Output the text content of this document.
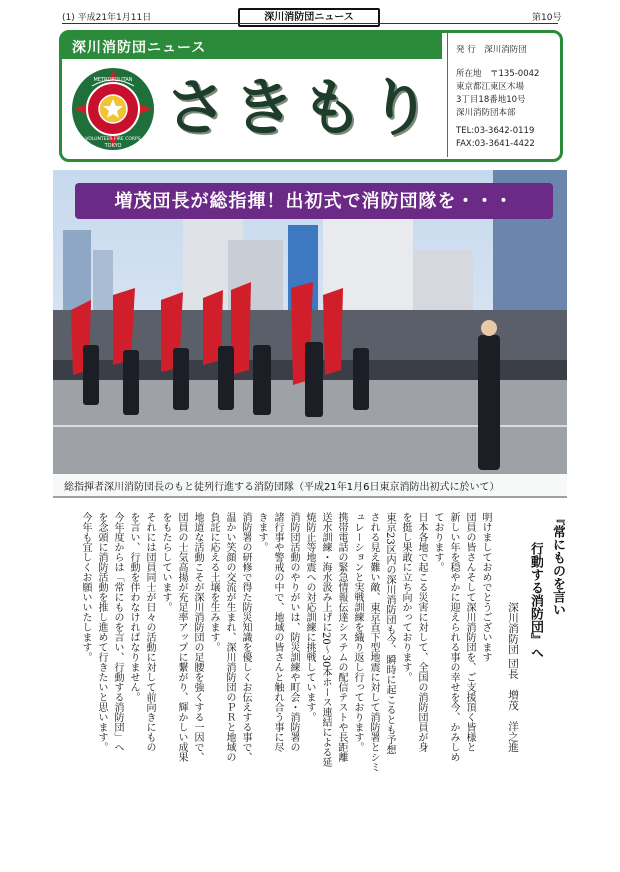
(1) 平成21年1月11日	深川消防団ニュース	第10号
深川消防団ニュース
METROPOLITAN
VOLUNTEER FIRE CORPS
TOKYO
さきもり
発 行　深川消防団
所在地　〒135-0042
東京都江東区木場
3丁目18番地10号
深川消防団本部
TEL:03-3642-0119
FAX:03-3641-4422
増茂団長が総指揮！出初式で消防団隊を・・・
総指揮者深川消防団長のもと徒列行進する消防団隊（平成21年1月6日東京消防出初式に於いて）
『常にものを言い
行動する消防団』へ
深川消防団 団長　増茂　洋之進
明けましておめでとうございます
団員の皆さんそして深川消防団を、ご支援頂く皆様と
新しい年を穏やかに迎えられる事の幸せを今、かみしめ
ております。
日本各地で起こる災害に対して、全国の消防団員が身
を挺し果敢に立ち向かっております。
東京23区内の深川消防団も今、瞬時に起こるとも予想
される見え難い敵、東京直下型地震に対して消防署とシミ
ュレーションと実戦訓練を織り返し行っております。
携帯電話の緊急情報伝達システムの配信テストや長距離
送水訓練・海水汲み上げに20〜30本ホース連結による延
焼防止等地震への対応訓練に挑戦しています。
消防団活動のやりがいは、防災訓練や町会・消防署の
諸行事や警戒の中で、地域の皆さんと触れ合う事に尽
きます。
消防署の研修で得た防災知識を優しくお伝えする事で、
温かい笑顔の交流が生まれ、深川消防団のＰＲと地域の
負託に応える土壌を生みます。
地道な活動こそが深川消防団の足腰を強くする一因で、
団員の士気高揚が充足率アップに繋がり、輝かしい成果
をもたらしています。
それには団員同士が日々の活動に対して前向きにもの
を言い、行動を伴わなければなりません。
今年度からは「常にものを言い、行動する消防団」へ
を念頭に消防活動を推し進めて行きたいと思います。
今年も宜しくお願いいたします。
